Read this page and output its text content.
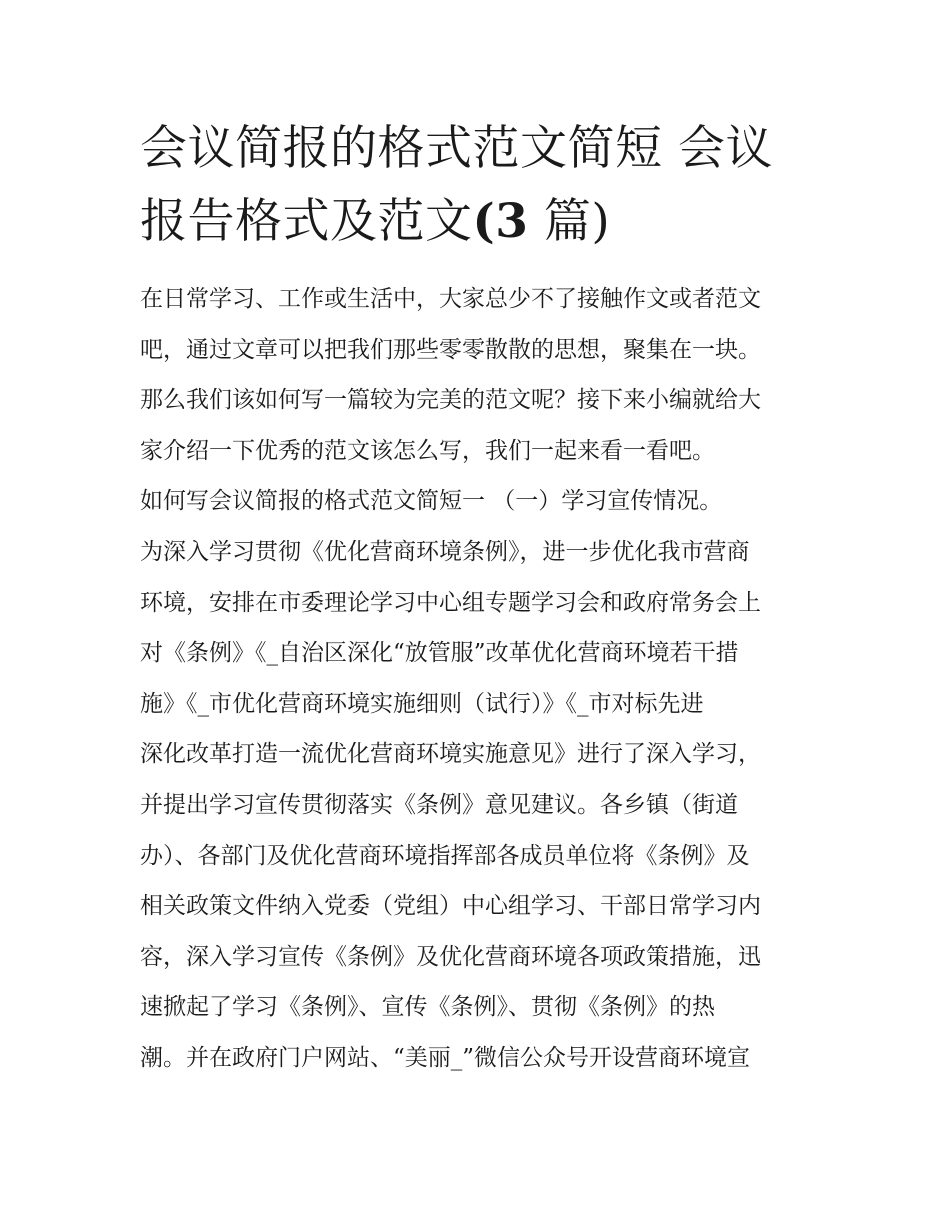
会议简报的格式范文简短 会议
报告格式及范文(3 篇)
在日常学习、工作或生活中，大家总少不了接触作文或者范文
吧，通过文章可以把我们那些零零散散的思想，聚集在一块。
那么我们该如何写一篇较为完美的范文呢？接下来小编就给大
家介绍一下优秀的范文该怎么写，我们一起来看一看吧。
如何写会议简报的格式范文简短一 （一）学习宣传情况。
为深入学习贯彻《优化营商环境条例》，进一步优化我市营商
环境，安排在市委理论学习中心组专题学习会和政府常务会上
对《条例》《_自治区深化“放管服”改革优化营商环境若干措
施》《_市优化营商环境实施细则（试行）》《_市对标先进
深化改革打造一流优化营商环境实施意见》进行了深入学习，
并提出学习宣传贯彻落实《条例》意见建议。各乡镇（街道
办）、各部门及优化营商环境指挥部各成员单位将《条例》及
相关政策文件纳入党委（党组）中心组学习、干部日常学习内
容，深入学习宣传《条例》及优化营商环境各项政策措施，迅
速掀起了学习《条例》、宣传《条例》、贯彻《条例》的热
潮。并在政府门户网站、“美丽_”微信公众号开设营商环境宣
